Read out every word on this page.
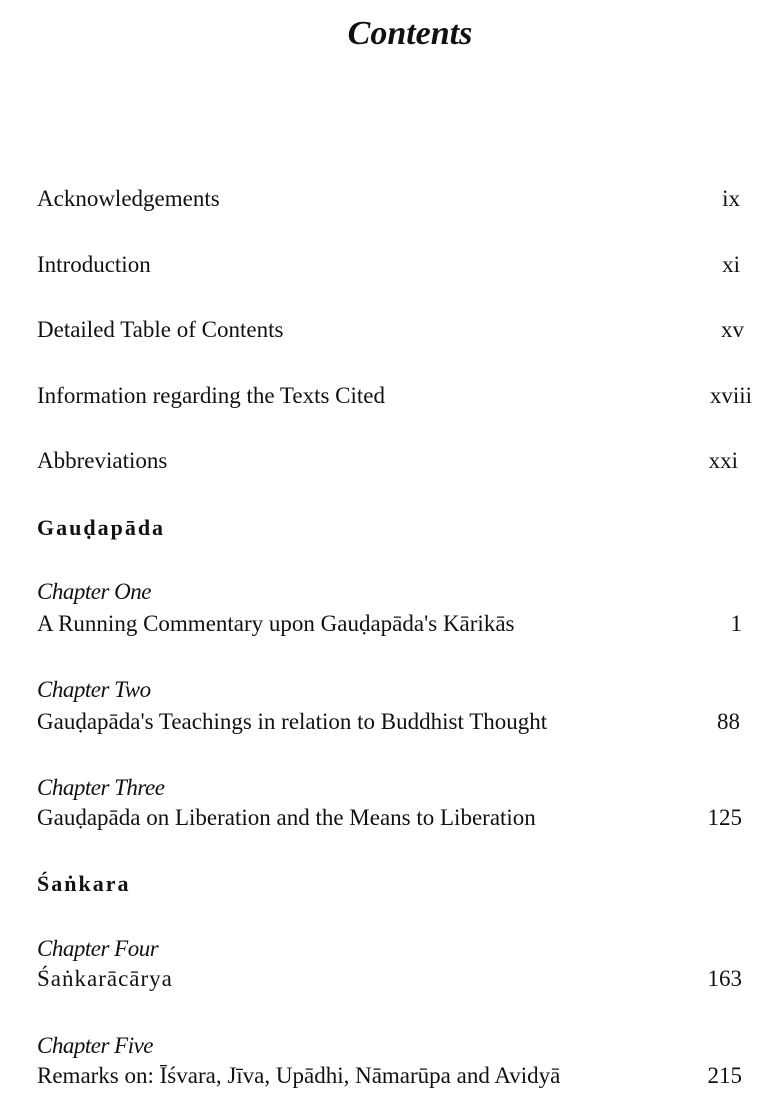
Contents
Acknowledgements	ix
Introduction	xi
Detailed Table of Contents	xv
Information regarding the Texts Cited	xviii
Abbreviations	xxi
Gauḍapāda
Chapter One
A Running Commentary upon Gauḍapāda's Kārikās	1
Chapter Two
Gauḍapāda's Teachings in relation to Buddhist Thought	88
Chapter Three
Gauḍapāda on Liberation and the Means to Liberation	125
Śaṅkara
Chapter Four
Śaṅkarācārya	163
Chapter Five
Remarks on: Īśvara, Jīva, Upādhi, Nāmarūpa and Avidyā	215
